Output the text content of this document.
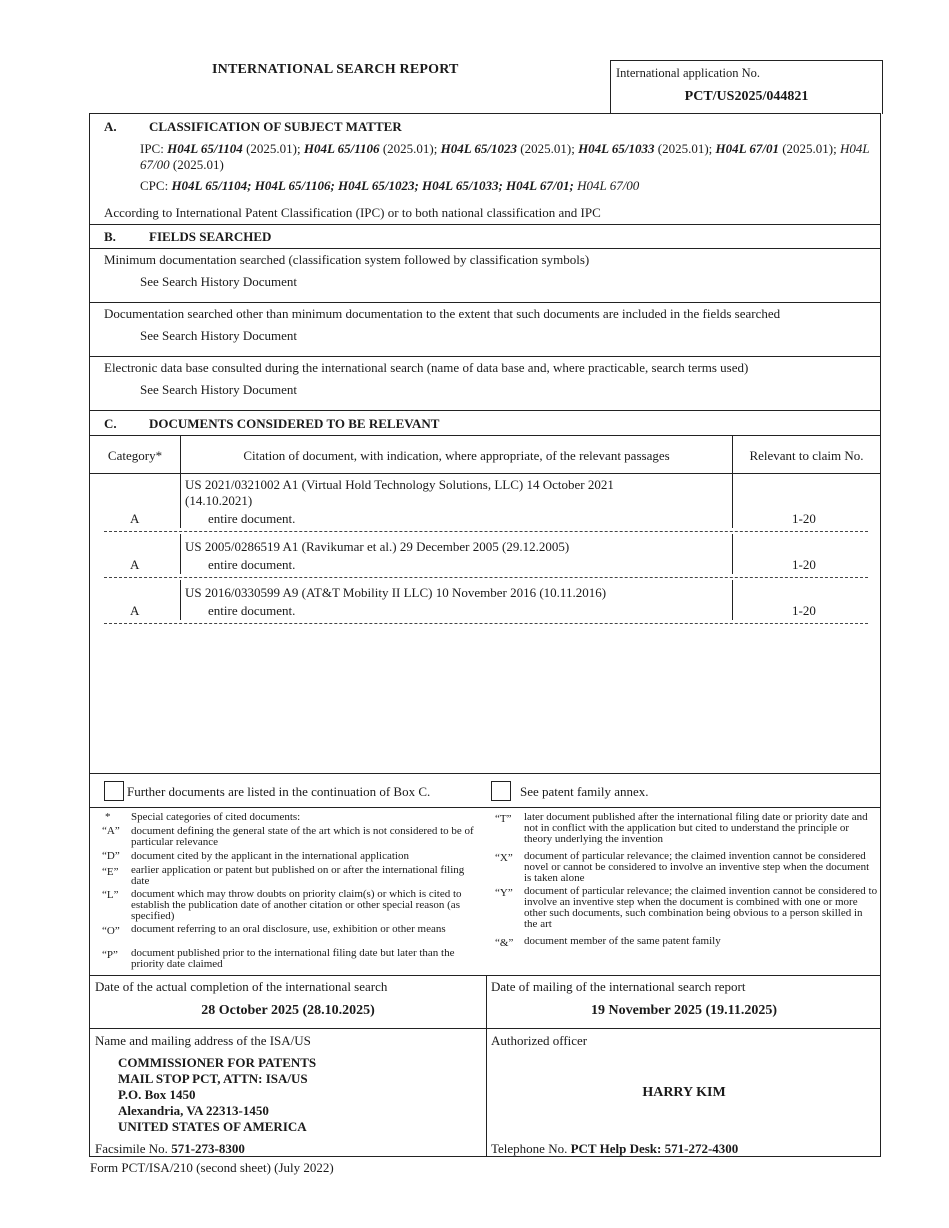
INTERNATIONAL SEARCH REPORT	International application No.
PCT/US2025/044821
A. CLASSIFICATION OF SUBJECT MATTER
IPC: H04L 65/1104 (2025.01); H04L 65/1106 (2025.01); H04L 65/1023 (2025.01); H04L 65/1033 (2025.01); H04L 67/01 (2025.01); H04L 67/00 (2025.01)
CPC: H04L 65/1104; H04L 65/1106; H04L 65/1023; H04L 65/1033; H04L 67/01; H04L 67/00
According to International Patent Classification (IPC) or to both national classification and IPC
B.	FIELDS SEARCHED
Minimum documentation searched (classification system followed by classification symbols)
See Search History Document
Documentation searched other than minimum documentation to the extent that such documents are included in the fields searched
See Search History Document
Electronic data base consulted during the international search (name of data base and, where practicable, search terms used)
See Search History Document
C. DOCUMENTS CONSIDERED TO BE RELEVANT
Category*	Citation of document, with indication, where appropriate, of the relevant passages	Relevant to claim No.
US 2021/0321002 A1 (Virtual Hold Technology Solutions, LLC) 14 October 2021
(14.10.2021)
A	entire document.	1-20
US 2005/0286519 A1 (Ravikumar et al.) 29 December 2005 (29.12.2005)
A	entire document.	1-20
US 2016/0330599 A9 (AT&T Mobility II LLC) 10 November 2016 (10.11.2016)
A	entire document.	1-20
Further documents are listed in the continuation of Box C.	See patent family annex.
* Special categories of cited documents:
“A” document defining the general state of the art which is not considered to be of particular relevance
“D” document cited by the applicant in the international application
“E” earlier application or patent but published on or after the international filing date
“L” document which may throw doubts on priority claim(s) or which is cited to establish the publication date of another citation or other special reason (as specified)
“O” document referring to an oral disclosure, use, exhibition or other means
“P” document published prior to the international filing date but later than the priority date claimed
“T” later document published after the international filing date or priority date and not in conflict with the application but cited to understand the principle or theory underlying the invention
“X” document of particular relevance; the claimed invention cannot be considered novel or cannot be considered to involve an inventive step when the document is taken alone
“Y” document of particular relevance; the claimed invention cannot be considered to involve an inventive step when the document is combined with one or more other such documents, such combination being obvious to a person skilled in the art
“&” document member of the same patent family
Date of the actual completion of the international search
28 October 2025 (28.10.2025)
Date of mailing of the international search report
19 November 2025 (19.11.2025)
Name and mailing address of the ISA/US
COMMISSIONER FOR PATENTS
MAIL STOP PCT, ATTN: ISA/US
P.O. Box 1450
Alexandria, VA 22313-1450
UNITED STATES OF AMERICA
Facsimile No. 571-273-8300
Authorized officer
HARRY KIM
Telephone No. PCT Help Desk: 571-272-4300
Form PCT/ISA/210 (second sheet) (July 2022)
